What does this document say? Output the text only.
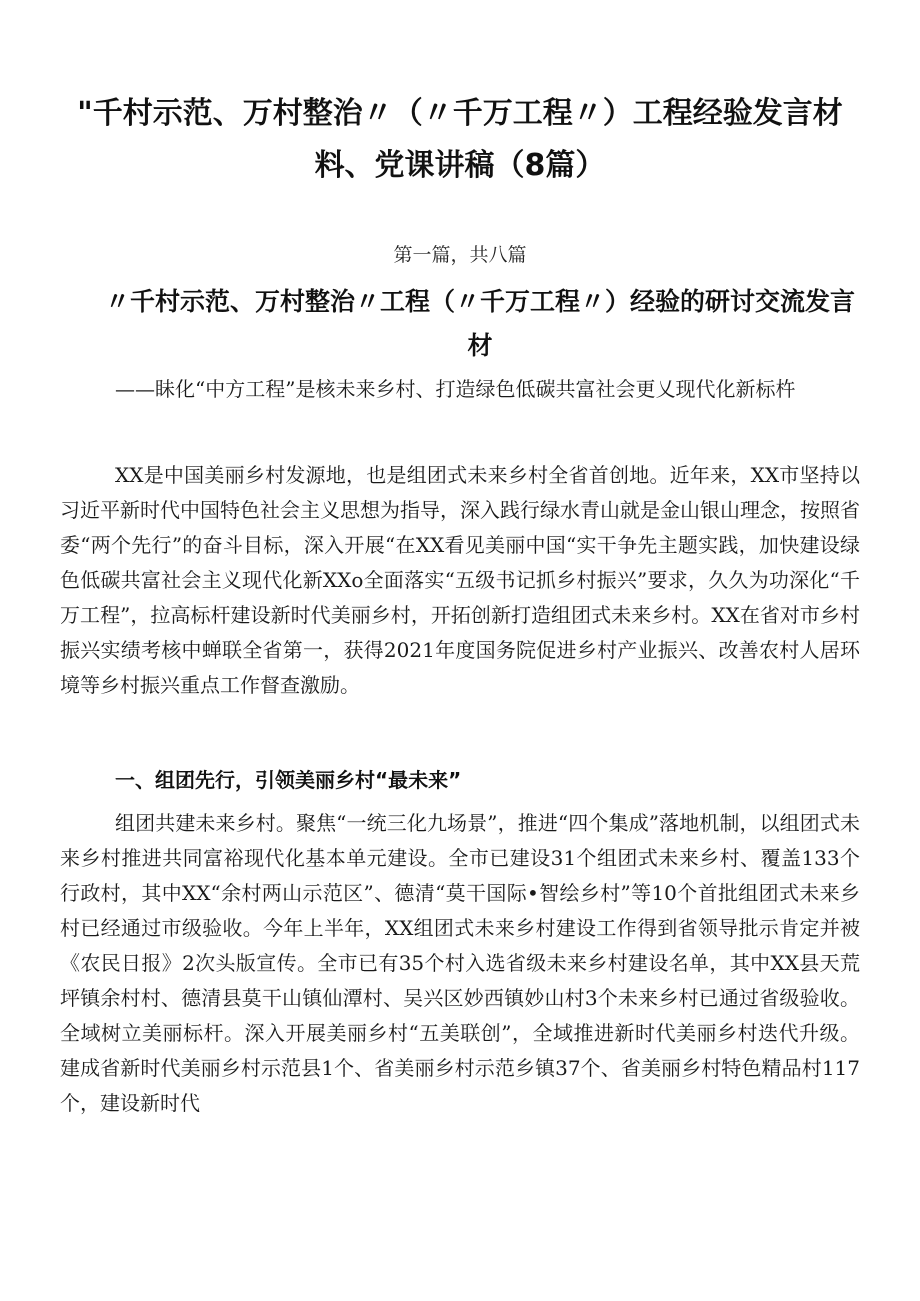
"千村示范、万村整治〃（〃千万工程〃）工程经验发言材料、党课讲稿（8篇）
第一篇，共八篇
〃千村示范、万村整治〃工程（〃千万工程〃）经验的研讨交流发言材

——眛化“中方工程”是核未来乡村、打造绿色低碳共富社会更乂现代化新标杵

XX是中国美丽乡村发源地，也是组团式未来乡村全省首创地。近年来，XX市坚持以习近平新时代中国特色社会主义思想为指导，深入践行绿水青山就是金山银山理念，按照省委“两个先行”的奋斗目标，深入开展“在XX看见美丽中国“实干争先主题实践，加快建设绿色低碳共富社会主义现代化新XXo全面落实“五级书记抓乡村振兴”要求，久久为功深化“千万工程”，拉高标杆建设新时代美丽乡村，开拓创新打造组团式未来乡村。XX在省对市乡村振兴实绩考核中蝉联全省第一，获得2021年度国务院促进乡村产业振兴、改善农村人居环境等乡村振兴重点工作督查激励。

一、组团先行，引领美丽乡村“最未来”

组团共建未来乡村。聚焦“一统三化九场景”，推进“四个集成”落地机制，以组团式未来乡村推进共同富裕现代化基本单元建设。全市已建设31个组团式未来乡村、覆盖133个行政村，其中XX“余村两山示范区”、德清“莫干国际•智绘乡村”等10个首批组团式未来乡村已经通过市级验收。今年上半年，XX组团式未来乡村建设工作得到省领导批示肯定并被《农民日报》2次头版宣传。全市已有35个村入选省级未来乡村建设名单，其中XX县天荒坪镇余村村、德清县莫干山镇仙潭村、吴兴区妙西镇妙山村3个未来乡村已通过省级验收。全域树立美丽标杆。深入开展美丽乡村“五美联创”，全域推进新时代美丽乡村迭代升级。建成省新时代美丽乡村示范县1个、省美丽乡村示范乡镇37个、省美丽乡村特色精品村117个，建设新时代
